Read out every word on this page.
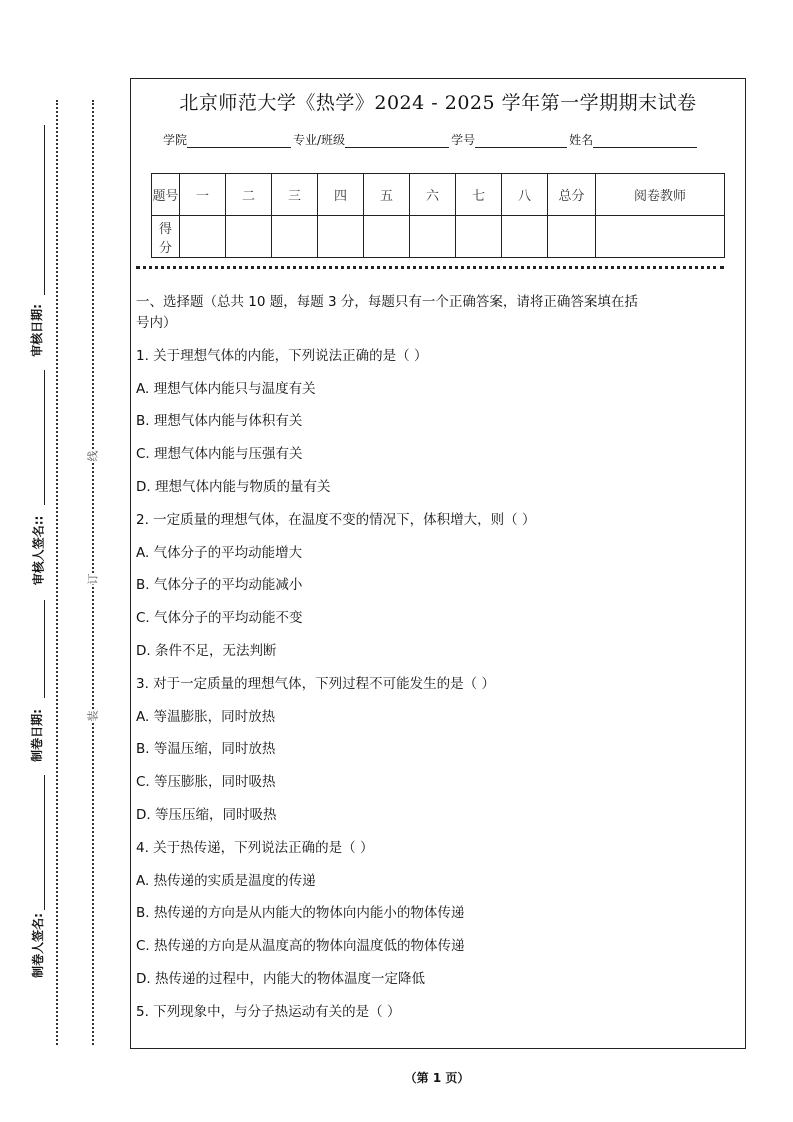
线
订
装
审核日期:
审核人签名::
制卷日期:
制卷人签名:
北京师范大学《热学》2024 - 2025 学年第一学期期末试卷
学院	专业/班级	学号	姓名
题号	一	二	三	四	五	六	七	八	总分	阅卷教师
得分										
一、选择题（总共 10 题，每题 3 分，每题只有一个正确答案，请将正确答案填在括
号内）
1. 关于理想气体的内能，下列说法正确的是（ ）
A. 理想气体内能只与温度有关
B. 理想气体内能与体积有关
C. 理想气体内能与压强有关
D. 理想气体内能与物质的量有关
2. 一定质量的理想气体，在温度不变的情况下，体积增大，则（ ）
A. 气体分子的平均动能增大
B. 气体分子的平均动能减小
C. 气体分子的平均动能不变
D. 条件不足，无法判断
3. 对于一定质量的理想气体，下列过程不可能发生的是（ ）
A. 等温膨胀，同时放热
B. 等温压缩，同时放热
C. 等压膨胀，同时吸热
D. 等压压缩，同时吸热
4. 关于热传递，下列说法正确的是（ ）
A. 热传递的实质是温度的传递
B. 热传递的方向是从内能大的物体向内能小的物体传递
C. 热传递的方向是从温度高的物体向温度低的物体传递
D. 热传递的过程中，内能大的物体温度一定降低
5. 下列现象中，与分子热运动有关的是（ ）
（第 1 页）
